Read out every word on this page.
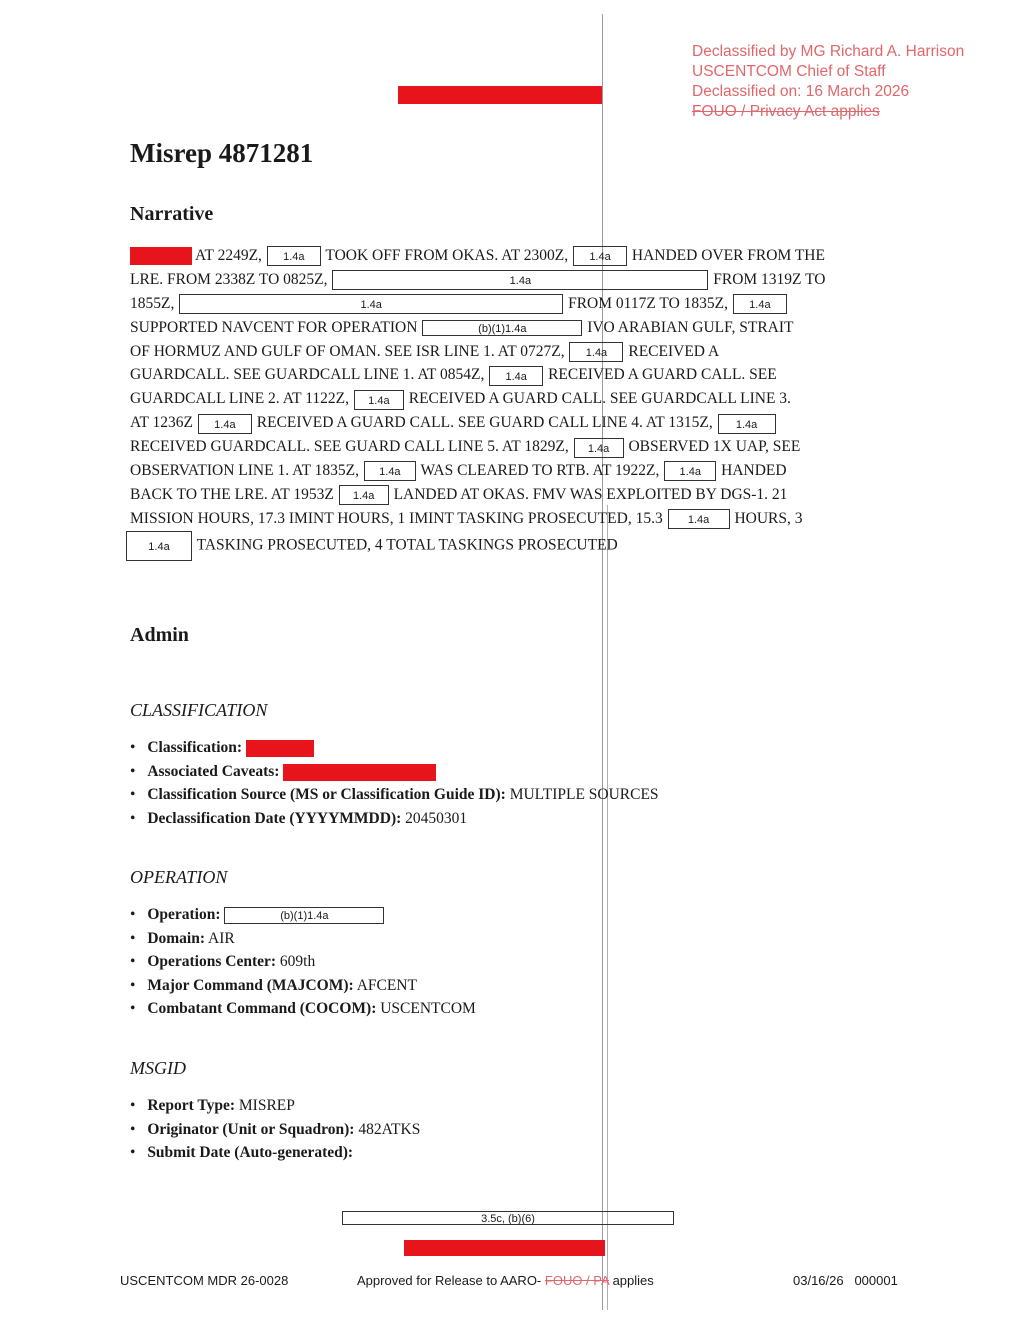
Declassified by MG Richard A. Harrison
USCENTCOM Chief of Staff
Declassified on: 16 March 2026
FOUO / Privacy Act applies
Misrep 4871281
Narrative
AT 2249Z, 1.4a TOOK OFF FROM OKAS. AT 2300Z, 1.4a HANDED OVER FROM THE
LRE. FROM 2338Z TO 0825Z,	1.4a	FROM 1319Z TO
1855Z,	1.4a	FROM 0117Z TO 1835Z, 1.4a
SUPPORTED NAVCENT FOR OPERATION	(b)(1)1.4a	IVO ARABIAN GULF, STRAIT
OF HORMUZ AND GULF OF OMAN. SEE ISR LINE 1. AT 0727Z, 1.4a RECEIVED A
GUARDCALL. SEE GUARDCALL LINE 1. AT 0854Z, 1.4a RECEIVED A GUARD CALL. SEE
GUARDCALL LINE 2. AT 1122Z, 1.4a RECEIVED A GUARD CALL. SEE GUARDCALL LINE 3.
AT 1236Z 1.4a RECEIVED A GUARD CALL. SEE GUARD CALL LINE 4. AT 1315Z, 1.4a
RECEIVED GUARDCALL. SEE GUARD CALL LINE 5. AT 1829Z, 1.4a OBSERVED 1X UAP, SEE
OBSERVATION LINE 1. AT 1835Z, 1.4a WAS CLEARED TO RTB. AT 1922Z, 1.4a HANDED
BACK TO THE LRE. AT 1953Z 1.4a LANDED AT OKAS. FMV WAS EXPLOITED BY DGS-1. 21
MISSION HOURS, 17.3 IMINT HOURS, 1 IMINT TASKING PROSECUTED, 15.3 1.4a HOURS, 3
1.4a TASKING PROSECUTED, 4 TOTAL TASKINGS PROSECUTED
Admin
CLASSIFICATION
• Classification:
• Associated Caveats:
• Classification Source (MS or Classification Guide ID): MULTIPLE SOURCES
• Declassification Date (YYYYMMDD): 20450301
OPERATION
• Operation:	(b)(1)1.4a
• Domain: AIR
• Operations Center: 609th
• Major Command (MAJCOM): AFCENT
• Combatant Command (COCOM): USCENTCOM
MSGID
• Report Type: MISREP
• Originator (Unit or Squadron): 482ATKS
• Submit Date (Auto-generated):
3.5c, (b)(6)
USCENTCOM MDR 26-0028	Approved for Release to AARO- FOUO / PA applies	03/16/26   000001
